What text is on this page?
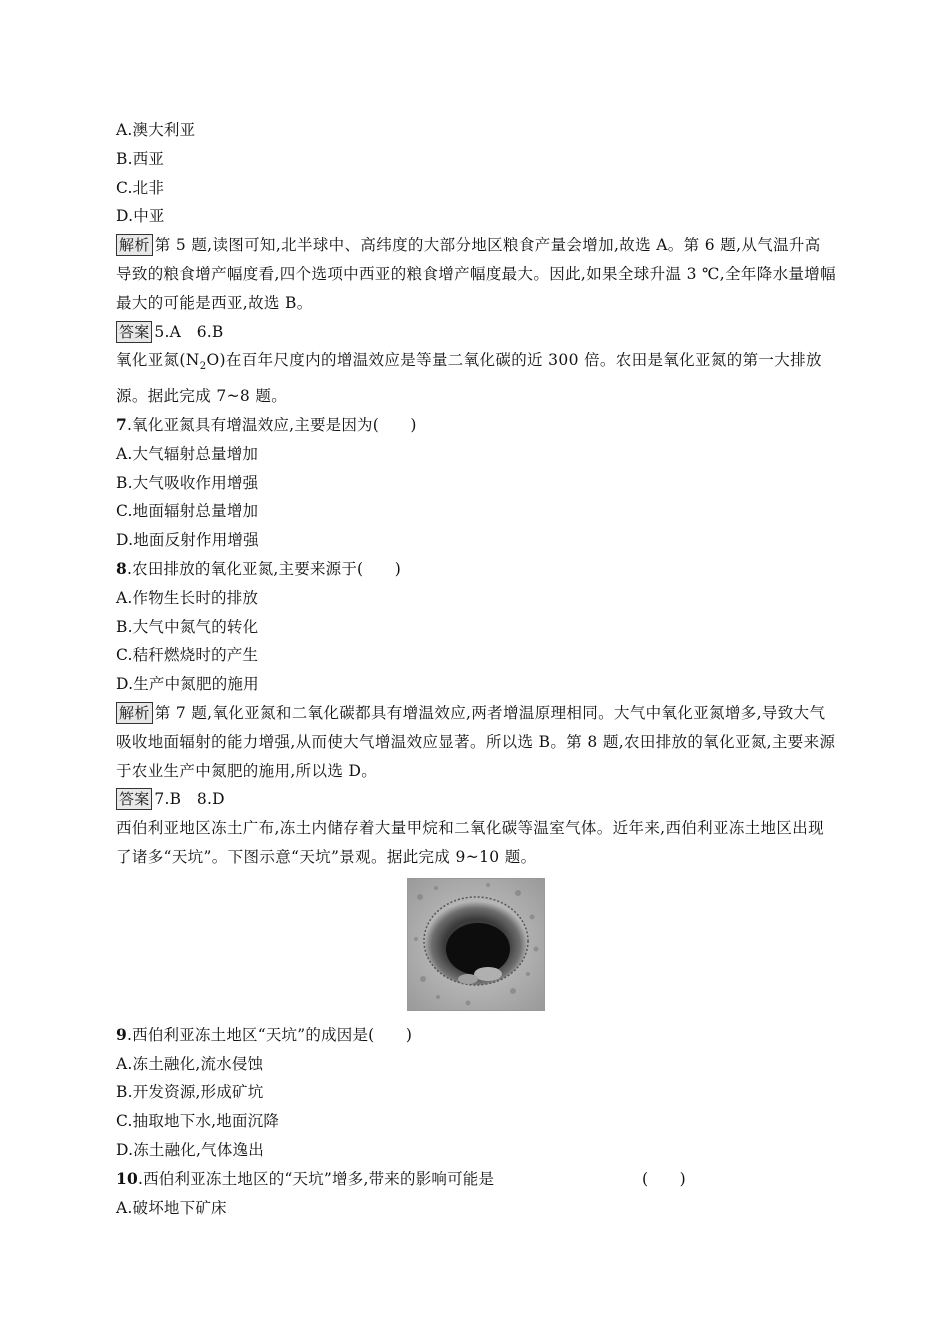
A.澳大利亚
B.西亚
C.北非
D.中亚
解析 第 5 题,读图可知,北半球中、高纬度的大部分地区粮食产量会增加,故选 A。第 6 题,从气温升高导致的粮食增产幅度看,四个选项中西亚的粮食增产幅度最大。因此,如果全球升温 3 ℃,全年降水量增幅最大的可能是西亚,故选 B。
答案 5.A　6.B
氧化亚氮$(N_2O)$在百年尺度内的增温效应是等量二氧化碳的近 300 倍。农田是氧化亚氮的第一大排放源。据此完成 7~8 题。
7.氧化亚氮具有增温效应,主要是因为(　　)
A.大气辐射总量增加
B.大气吸收作用增强
C.地面辐射总量增加
D.地面反射作用增强
8.农田排放的氧化亚氮,主要来源于(　　)
A.作物生长时的排放
B.大气中氮气的转化
C.秸秆燃烧时的产生
D.生产中氮肥的施用
解析 第 7 题,氧化亚氮和二氧化碳都具有增温效应,两者增温原理相同。大气中氧化亚氮增多,导致大气吸收地面辐射的能力增强,从而使大气增温效应显著。所以选 B。第 8 题,农田排放的氧化亚氮,主要来源于农业生产中氮肥的施用,所以选 D。
答案 7.B　8.D
西伯利亚地区冻土广布,冻土内储存着大量甲烷和二氧化碳等温室气体。近年来,西伯利亚冻土地区出现了诸多“天坑”。下图示意“天坑”景观。据此完成 9~10 题。
9.西伯利亚冻土地区“天坑”的成因是(　　)
A.冻土融化,流水侵蚀
B.开发资源,形成矿坑
C.抽取地下水,地面沉降
D.冻土融化,气体逸出
10.西伯利亚冻土地区的“天坑”增多,带来的影响可能是	(　　)
A.破坏地下矿床
